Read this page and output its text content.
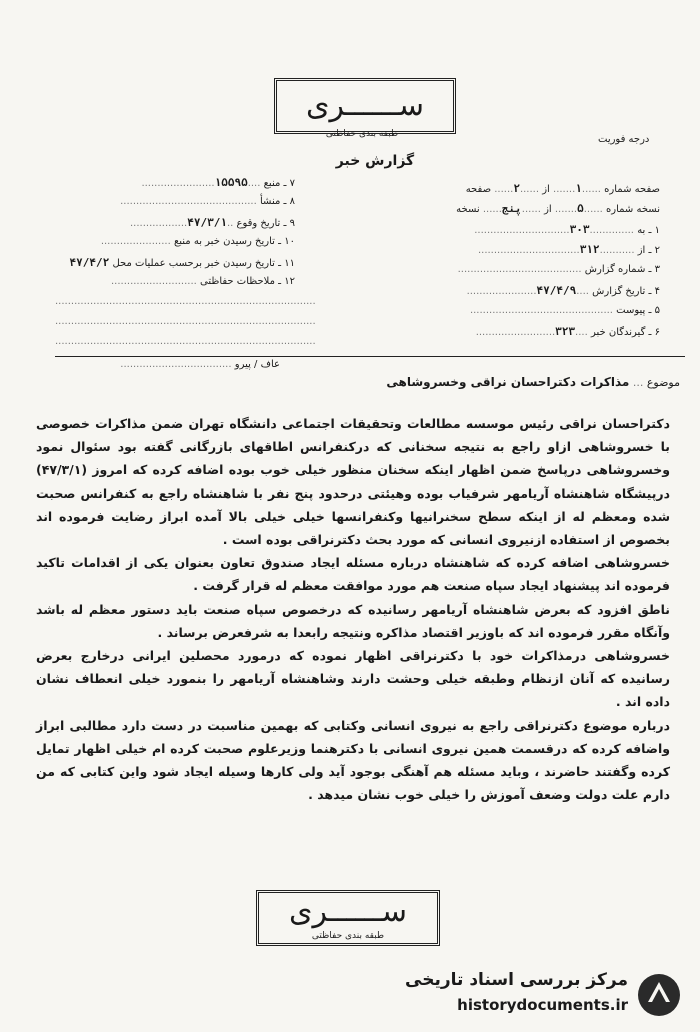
ســــــری
طبقه بندی حفاظتی	درجه فوریت
گزارش خبر
صفحه شماره ......۱....... از ......۲...... صفحه
نسخه شماره ......۵....... از ......پنج...... نسخه
۱ ـ به ..............۳۰۳..............................
۲ ـ از ...........۳۱۲................................
۳ ـ شماره گزارش .......................................
۴ ـ تاریخ گزارش ....۴۷/۴/۹......................
۵ ـ پیوست .............................................
۶ ـ گیرندگان خبر ....۳۲۳.........................
۷ ـ منبع ....۱۵۵۹۵.......................
۸ ـ منشأ ...........................................
۹ ـ تاریخ وقوع ..۴۷/۳/۱..................
۱۰ ـ تاریخ رسیدن خبر به منبع ......................
۱۱ ـ تاریخ رسیدن خبر برحسب عملیات محل ۴۷/۴/۲
۱۲ ـ ملاحظات حفاظتی ...........................
..................................................................................
..................................................................................
..................................................................................
عاف / پیرو ...................................
موضوع ... مذاکرات دکتراحسان نراقی وخسروشاهی

دکتراحسان نراقی رئیس موسسه مطالعات وتحقیقات اجتماعی دانشگاه تهران ضمن مذاکرات خصوصی با خسروشاهی ازاو راجع به نتیجه سخنانی که درکنفرانس اطاقهای بازرگانی گفته بود سئوال نمود وخسروشاهی درپاسخ ضمن اظهار اینکه سخنان منظور خیلی خوب بوده اضافه کرده که امروز (۴۷/۳/۱) درپیشگاه شاهنشاه آریامهر شرفیاب بوده وهیئتی درحدود پنج نفر با شاهنشاه راجع به کنفرانس صحبت شده ومعظم له از اینکه سطح سخنرانیها وکنفرانسها خیلی خیلی بالا آمده ابراز رضایت فرموده اند بخصوص از استفاده ازنیروی انسانی که مورد بحث دکترنراقی بوده است .

خسروشاهی اضافه کرده که شاهنشاه درباره مسئله ایجاد صندوق تعاون بعنوان یکی از اقدامات تاکید فرموده اند پیشنهاد ایجاد سپاه صنعت هم مورد موافقت معظم له قرار گرفت .

ناطق افزود که بعرض شاهنشاه آریامهر رسانیده که درخصوص سپاه صنعت باید دستور معظم له باشد وآنگاه مقرر فرموده اند که باوزیر اقتصاد مذاکره ونتیجه رابعدا به شرفعرض برساند .

خسروشاهی درمذاکرات خود با دکترنراقی اظهار نموده که درمورد محصلین ایرانی درخارج بعرض رسانیده که آنان ازنظام وطبقه خیلی وحشت دارند وشاهنشاه آریامهر را بنمورد خیلی انعطاف نشان داده اند .

درباره موضوع دکترنراقی راجع به نیروی انسانی وکتابی که بهمین مناسبت در دست دارد مطالبی ابراز واضافه کرده که درقسمت همین نیروی انسانی با دکترهنما وزیرعلوم صحبت کرده ام خیلی اظهار تمایل کرده وگفتند حاضرند ، وباید مسئله هم آهنگی بوجود آید ولی کارها وسیله ایجاد شود واین کتابی که من دارم علت دولت وضعف آموزش را خیلی خوب نشان میدهد .

ســــــری
طبقه بندی حفاظتی
مرکز بررسی اسناد تاریخی
historydocuments.ir
